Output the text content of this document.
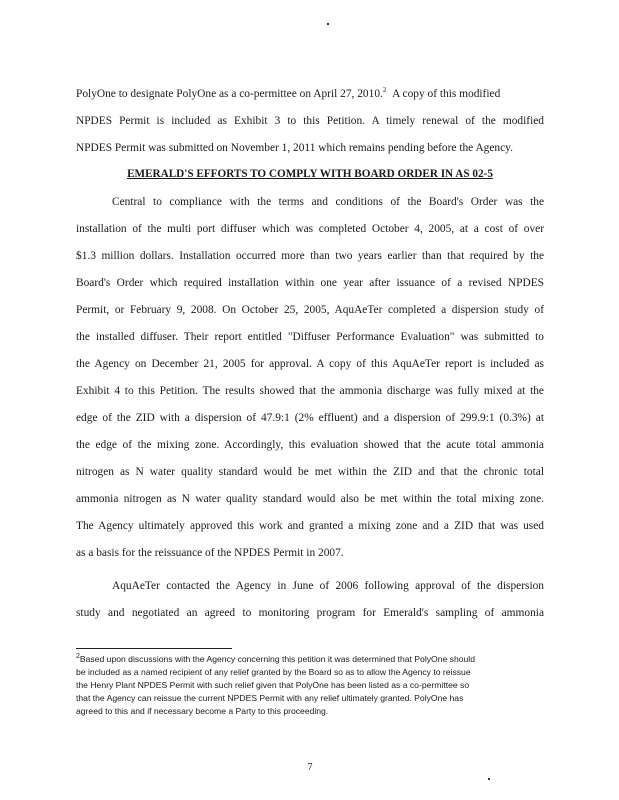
PolyOne to designate PolyOne as a co-permittee on April 27, 2010.$^2$ A copy of this modified
NPDES Permit is included as Exhibit 3 to this Petition. A timely renewal of the modified
NPDES Permit was submitted on November 1, 2011 which remains pending before the Agency.
EMERALD'S EFFORTS TO COMPLY WITH BOARD ORDER IN AS 02-5
Central to compliance with the terms and conditions of the Board's Order was the
installation of the multi port diffuser which was completed October 4, 2005, at a cost of over
$1.3 million dollars. Installation occurred more than two years earlier than that required by the
Board's Order which required installation within one year after issuance of a revised NPDES
Permit, or February 9, 2008. On October 25, 2005, AquAeTer completed a dispersion study of
the installed diffuser. Their report entitled "Diffuser Performance Evaluation" was submitted to
the Agency on December 21, 2005 for approval. A copy of this AquAeTer report is included as
Exhibit 4 to this Petition. The results showed that the ammonia discharge was fully mixed at the
edge of the ZID with a dispersion of 47.9:1 (2% effluent) and a dispersion of 299.9:1 (0.3%) at
the edge of the mixing zone. Accordingly, this evaluation showed that the acute total ammonia
nitrogen as N water quality standard would be met within the ZID and that the chronic total
ammonia nitrogen as N water quality standard would also be met within the total mixing zone.
The Agency ultimately approved this work and granted a mixing zone and a ZID that was used
as a basis for the reissuance of the NPDES Permit in 2007.
AquAeTer contacted the Agency in June of 2006 following approval of the dispersion
study and negotiated an agreed to monitoring program for Emerald's sampling of ammonia
$^2$Based upon discussions with the Agency concerning this petition it was determined that PolyOne should
be included as a named recipient of any relief granted by the Board so as to allow the Agency to reissue
the Henry Plant NPDES Permit with such relief given that PolyOne has been listed as a co-permittee so
that the Agency can reissue the current NPDES Permit with any relief ultimately granted. PolyOne has
agreed to this and if necessary become a Party to this proceeding.
7
